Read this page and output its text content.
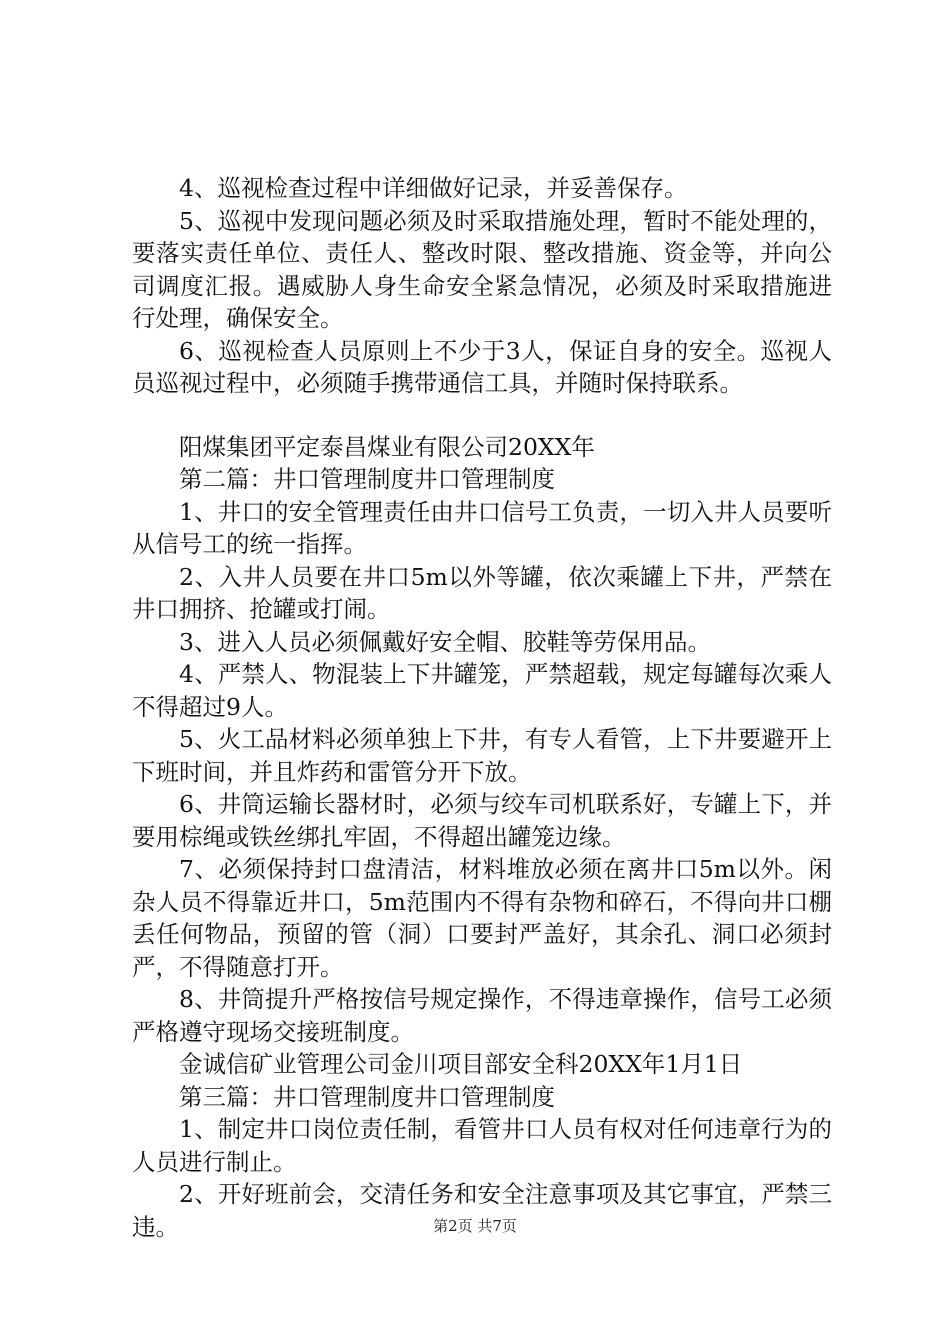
4、巡视检查过程中详细做好记录，并妥善保存。

5、巡视中发现问题必须及时采取措施处理，暂时不能处理的，要落实责任单位、责任人、整改时限、整改措施、资金等，并向公司调度汇报。遇威胁人身生命安全紧急情况，必须及时采取措施进行处理，确保安全。

6、巡视检查人员原则上不少于3人，保证自身的安全。巡视人员巡视过程中，必须随手携带通信工具，并随时保持联系。

阳煤集团平定泰昌煤业有限公司20XX年

第二篇：井口管理制度井口管理制度

1、井口的安全管理责任由井口信号工负责，一切入井人员要听从信号工的统一指挥。

2、入井人员要在井口5m以外等罐，依次乘罐上下井，严禁在井口拥挤、抢罐或打闹。

3、进入人员必须佩戴好安全帽、胶鞋等劳保用品。

4、严禁人、物混装上下井罐笼，严禁超载，规定每罐每次乘人不得超过9人。

5、火工品材料必须单独上下井，有专人看管，上下井要避开上下班时间，并且炸药和雷管分开下放。

6、井筒运输长器材时，必须与绞车司机联系好，专罐上下，并要用棕绳或铁丝绑扎牢固，不得超出罐笼边缘。

7、必须保持封口盘清洁，材料堆放必须在离井口5m以外。闲杂人员不得靠近井口，5m范围内不得有杂物和碎石，不得向井口棚丢任何物品，预留的管（洞）口要封严盖好，其余孔、洞口必须封严，不得随意打开。

8、井筒提升严格按信号规定操作，不得违章操作，信号工必须严格遵守现场交接班制度。

金诚信矿业管理公司金川项目部安全科20XX年1月1日

第三篇：井口管理制度井口管理制度

1、制定井口岗位责任制，看管井口人员有权对任何违章行为的人员进行制止。

2、开好班前会，交清任务和安全注意事项及其它事宜，严禁三违。	第2页 共7页
